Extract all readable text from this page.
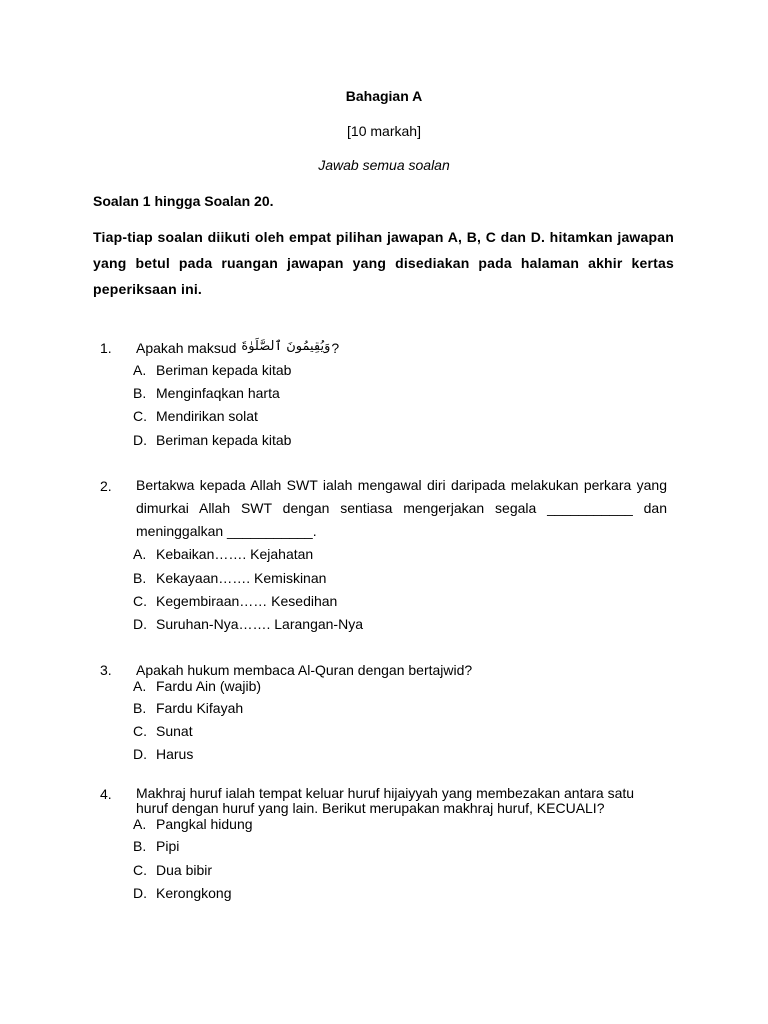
Bahagian A
[10 markah]
Jawab semua soalan
Soalan 1 hingga Soalan 20.
Tiap-tiap soalan diikuti oleh empat pilihan jawapan A, B, C dan D. hitamkan jawapan yang betul pada ruangan jawapan yang disediakan pada halaman akhir kertas peperiksaan ini.
1. Apakah maksud وَيُقِيمُونَ ٱلصَّلَوٰةَ?
A. Beriman kepada kitab
B. Menginfaqkan harta
C. Mendirikan solat
D. Beriman kepada kitab
2. Bertakwa kepada Allah SWT ialah mengawal diri daripada melakukan perkara yang dimurkai Allah SWT dengan sentiasa mengerjakan segala ___________ dan meninggalkan ___________.
A. Kebaikan……. Kejahatan
B. Kekayaan……. Kemiskinan
C. Kegembiraan…… Kesedihan
D. Suruhan-Nya……. Larangan-Nya
3. Apakah hukum membaca Al-Quran dengan bertajwid?
A. Fardu Ain (wajib)
B. Fardu Kifayah
C. Sunat
D. Harus
4. Makhraj huruf ialah tempat keluar huruf hijaiyyah yang membezakan antara satu
huruf dengan huruf yang lain. Berikut merupakan makhraj huruf, KECUALI?
A. Pangkal hidung
B. Pipi
C. Dua bibir
D. Kerongkong
